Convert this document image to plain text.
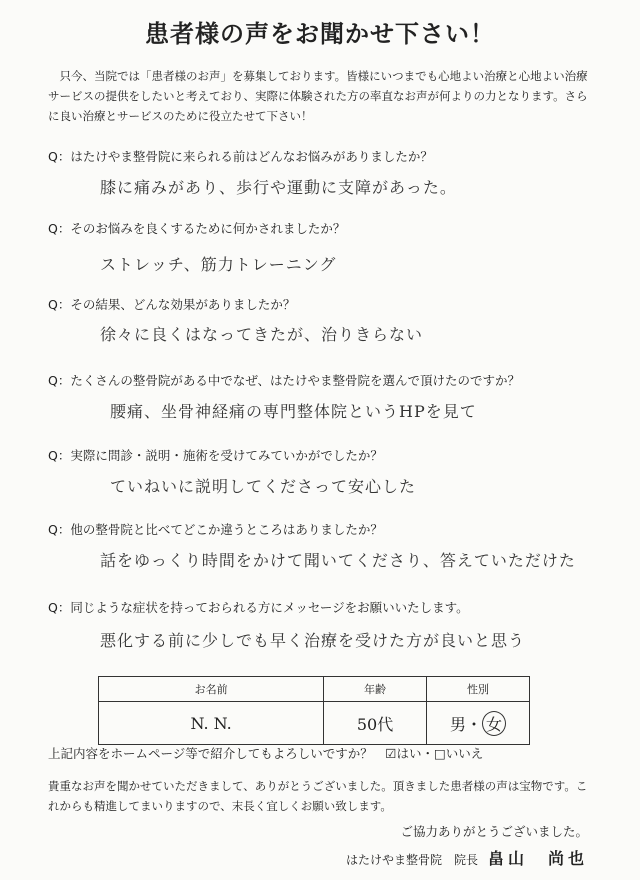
患者様の声をお聞かせ下さい！
只今、当院では「患者様のお声」を募集しております。皆様にいつまでも心地よい治療と心地よい治療サービスの提供をしたいと考えており、実際に体験された方の率直なお声が何よりの力となります。さらに良い治療とサービスのために役立たせて下さい！
Q：はたけやま整骨院に来られる前はどんなお悩みがありましたか？
膝に痛みがあり、歩行や運動に支障があった。
Q：そのお悩みを良くするために何かされましたか？
ストレッチ、筋力トレーニング
Q：その結果、どんな効果がありましたか？
徐々に良くはなってきたが、治りきらない
Q：たくさんの整骨院がある中でなぜ、はたけやま整骨院を選んで頂けたのですか？
腰痛、坐骨神経痛の専門整体院というHPを見て
Q：実際に問診・説明・施術を受けてみていかがでしたか？
ていねいに説明してくださって安心した
Q：他の整骨院と比べてどこか違うところはありましたか？
話をゆっくり時間をかけて聞いてくださり、答えていただけた
Q：同じような症状を持っておられる方にメッセージをお願いいたします。
悪化する前に少しでも早く治療を受けた方が良いと思う
お名前	年齢	性別
N. N.	50代	男・ 女
上記内容をホームページ等で紹介してもよろしいですか？　☑はい・□いいえ
貴重なお声を聞かせていただきまして、ありがとうございました。頂きました患者様の声は宝物です。これからも精進してまいりますので、末長く宜しくお願い致します。
ご協力ありがとうございました。
はたけやま整骨院　院長 畠山　尚也
